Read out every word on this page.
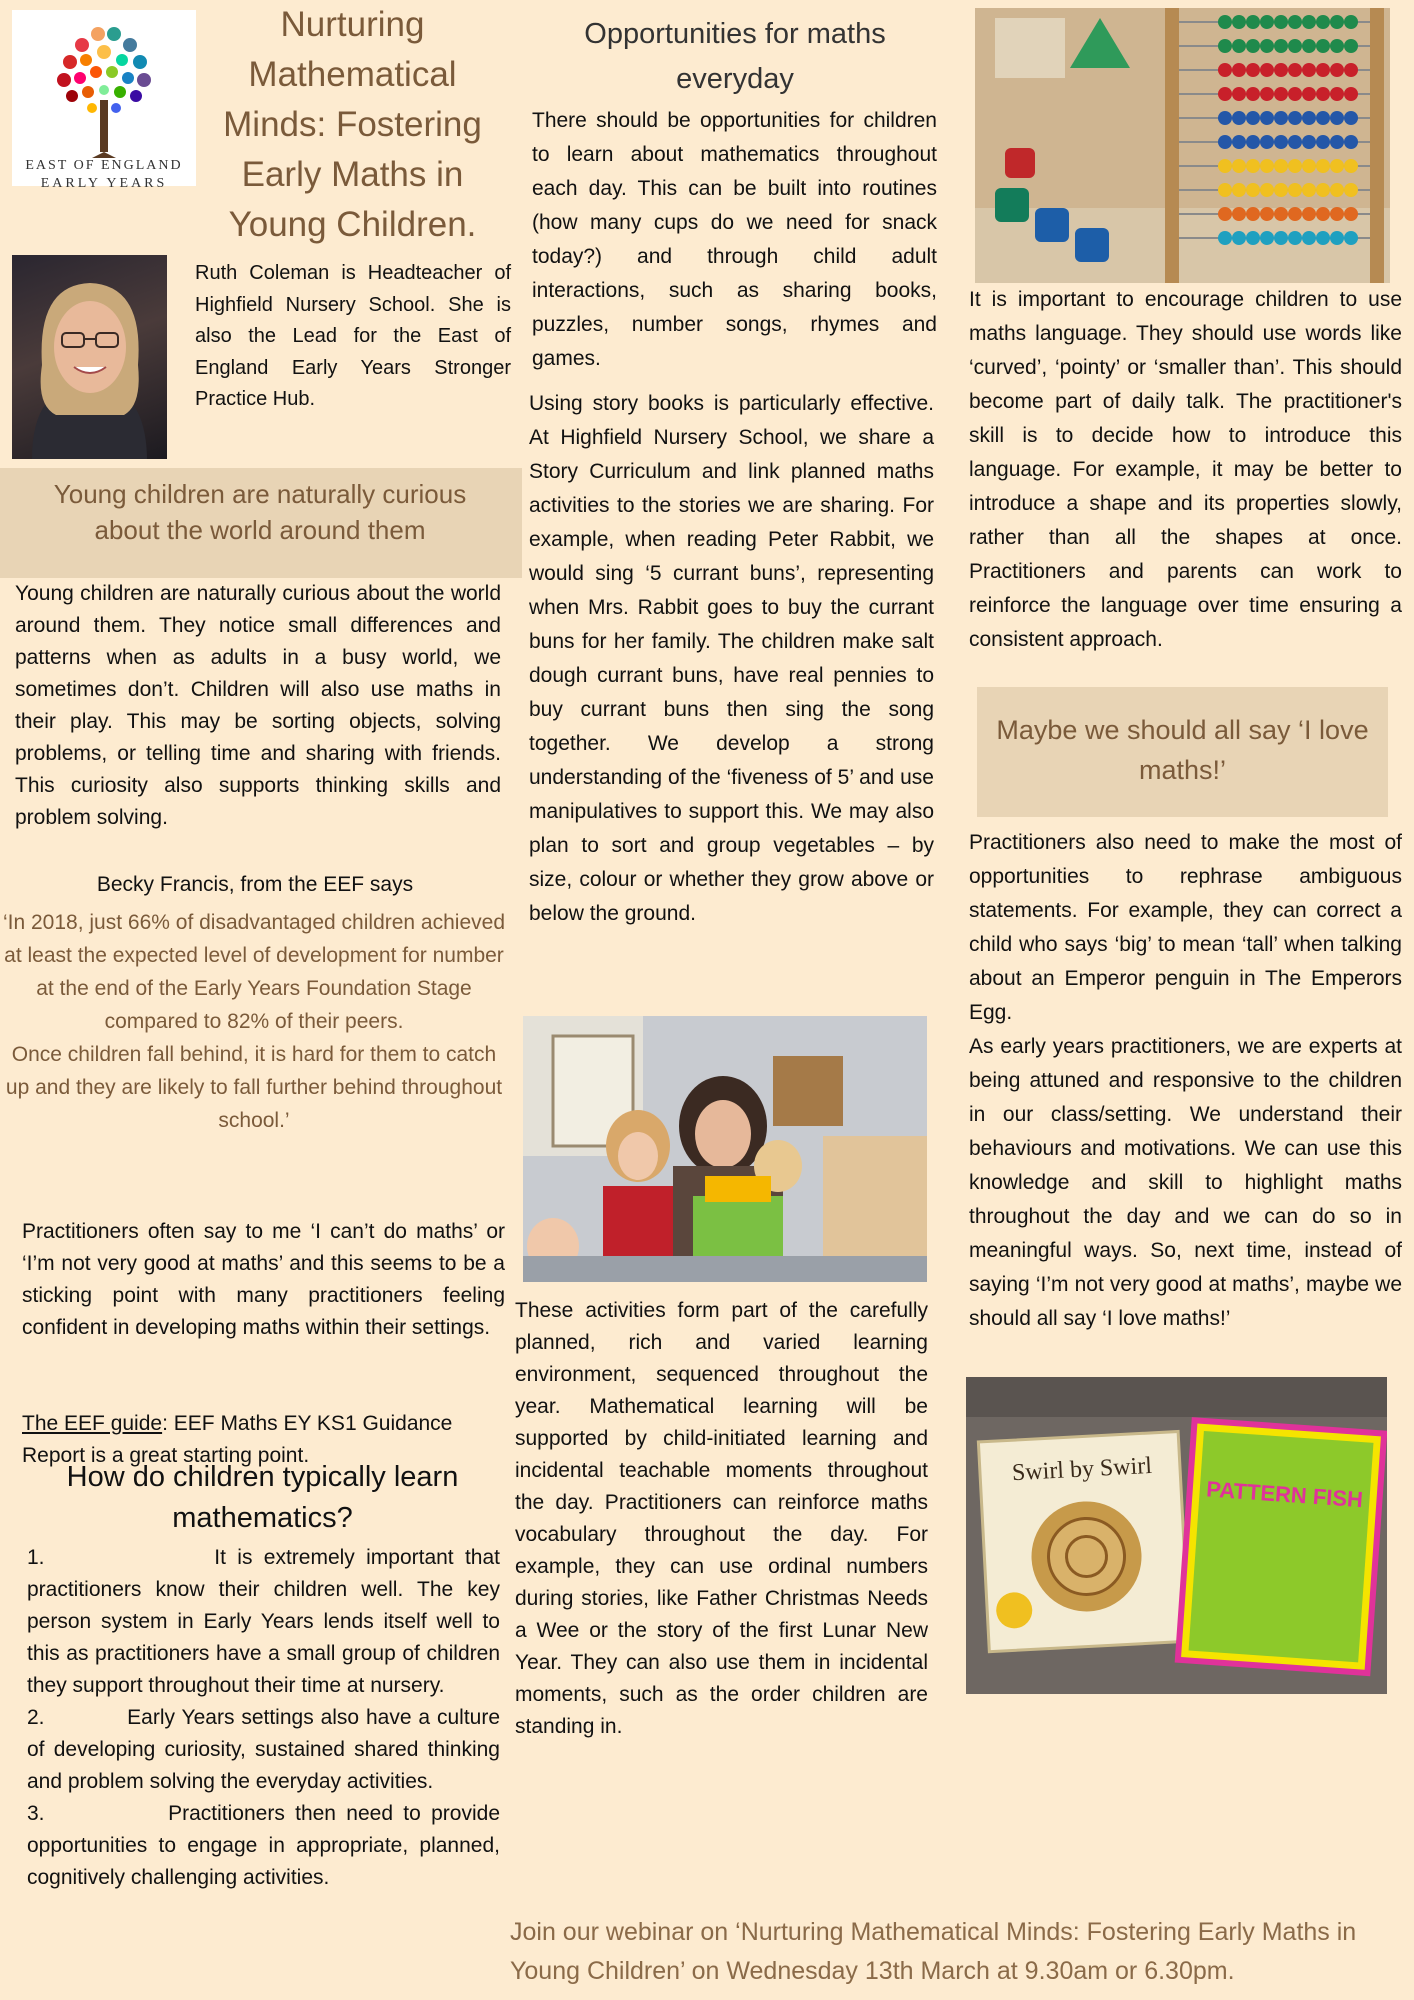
EAST OF ENGLAND
EARLY YEARS
Nurturing Mathematical Minds: Fostering Early Maths in Young Children.
Ruth Coleman is Headteacher of Highfield Nursery School. She is also the Lead for the East of England Early Years Stronger Practice Hub.
Young children are naturally curious about the world around them
Young children are naturally curious about the world around them. They notice small differences and patterns when as adults in a busy world, we sometimes don’t. Children will also use maths in their play. This may be sorting objects, solving problems, or telling time and sharing with friends. This curiosity also supports thinking skills and problem solving.
Becky Francis, from the EEF says

‘In 2018, just 66% of disadvantaged children achieved at least the expected level of development for number at the end of the Early Years Foundation Stage compared to 82% of their peers.

Once children fall behind, it is hard for them to catch up and they are likely to fall further behind throughout school.’

Practitioners often say to me ‘I can’t do maths’ or ‘I’m not very good at maths’ and this seems to be a sticking point with many practitioners feeling confident in developing maths within their settings.
The EEF guide: EEF Maths EY KS1 Guidance Report is a great starting point.
How do children typically learn mathematics?

1.	It is extremely important that practitioners know their children well. The key person system in Early Years lends itself well to this as practitioners have a small group of children they support throughout their time at nursery.

2.	Early Years settings also have a culture of developing curiosity, sustained shared thinking and problem solving the everyday activities.

3.	Practitioners then need to provide opportunities to engage in appropriate, planned, cognitively challenging activities.

Opportunities for maths everyday
There should be opportunities for children to learn about mathematics throughout each day. This can be built into routines (how many cups do we need for snack today?) and through child adult interactions, such as sharing books, puzzles, number songs, rhymes and games.
Using story books is particularly effective. At Highfield Nursery School, we share a Story Curriculum and link planned maths activities to the stories we are sharing. For example, when reading Peter Rabbit, we would sing ‘5 currant buns’, representing when Mrs. Rabbit goes to buy the currant buns for her family. The children make salt dough currant buns, have real pennies to buy currant buns then sing the song together. We develop a strong understanding of the ‘fiveness of 5’ and use manipulatives to support this. We may also plan to sort and group vegetables – by size, colour or whether they grow above or below the ground.
These activities form part of the carefully planned, rich and varied learning environment, sequenced throughout the year. Mathematical learning will be supported by child-initiated learning and incidental teachable moments throughout the day. Practitioners can reinforce maths vocabulary throughout the day. For example, they can use ordinal numbers during stories, like Father Christmas Needs a Wee or the story of the first Lunar New Year. They can also use them in incidental moments, such as the order children are standing in.
It is important to encourage children to use maths language. They should use words like ‘curved’, ‘pointy’ or ‘smaller than’. This should become part of daily talk. The practitioner's skill is to decide how to introduce this language. For example, it may be better to introduce a shape and its properties slowly, rather than all the shapes at once. Practitioners and parents can work to reinforce the language over time ensuring a consistent approach.
Maybe we should all say ‘I love maths!’

Practitioners also need to make the most of opportunities to rephrase ambiguous statements. For example, they can correct a child who says ‘big’ to mean ‘tall’ when talking about an Emperor penguin in The Emperors Egg.

As early years practitioners, we are experts at being attuned and responsive to the children in our class/setting. We understand their behaviours and motivations. We can use this knowledge and skill to highlight maths throughout the day and we can do so in meaningful ways. So, next time, instead of saying ‘I’m not very good at maths’, maybe we should all say ‘I love maths!’

Swirl by Swirl
PATTERN FISH
Join our webinar on ‘Nurturing Mathematical Minds: Fostering Early Maths in Young Children’ on Wednesday 13th March at 9.30am or 6.30pm.
